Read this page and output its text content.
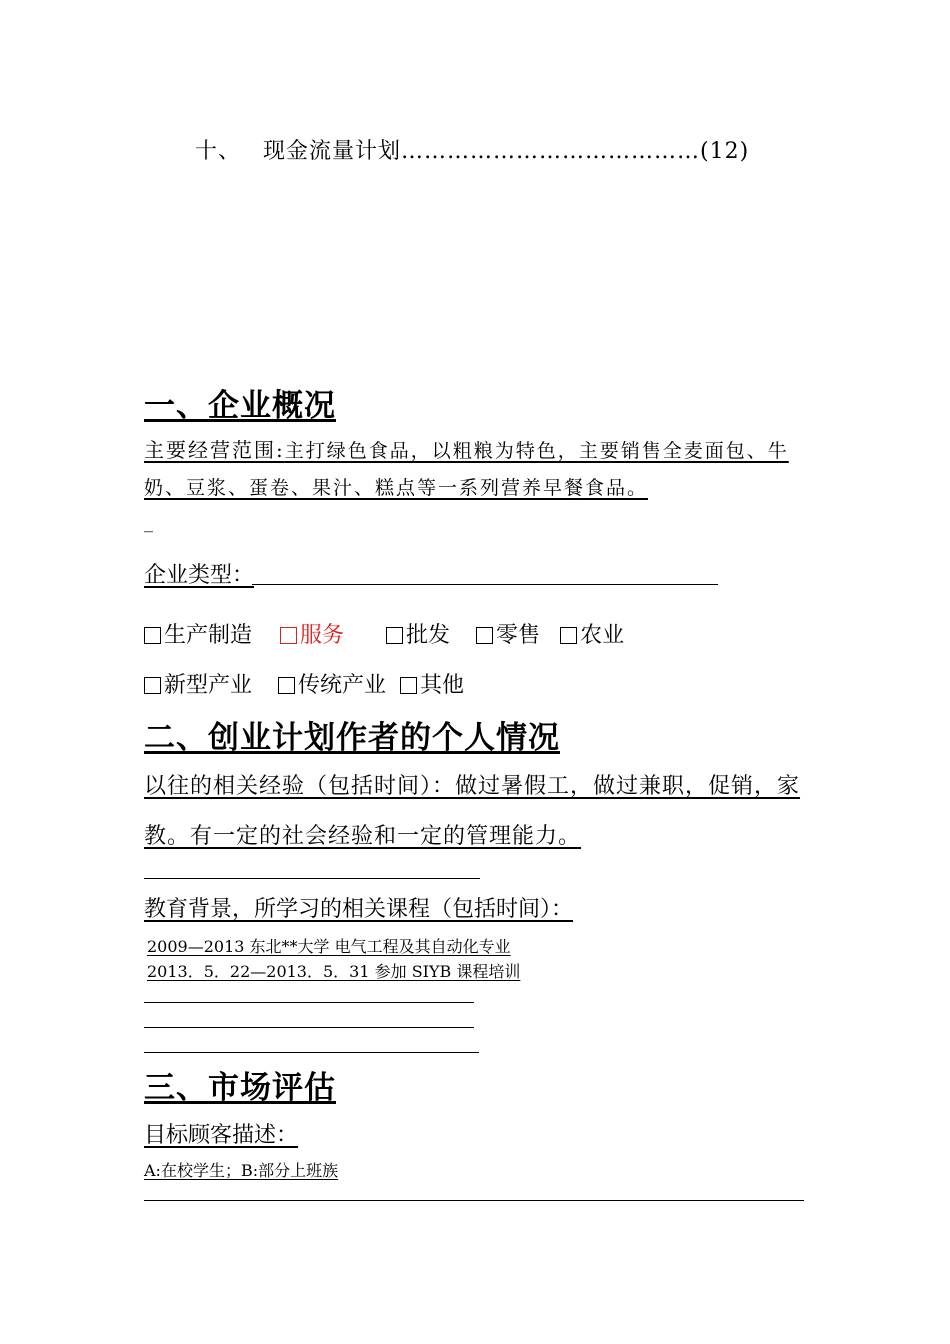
十、 现金流量计划…………………………………(12)
一、企业概况
主要经营范围:主打绿色食品，以粗粮为特色，主要销售全麦面包、牛奶、豆浆、蛋卷、果汁、糕点等一系列营养早餐食品。
_
企业类型：
生产制造 服务	批发 零售 农业
新型产业 传统产业 其他
二、创业计划作者的个人情况
以往的相关经验（包括时间）：做过暑假工，做过兼职，促销，家教。有一定的社会经验和一定的管理能力。
教育背景，所学习的相关课程（包括时间）：
2009—2013 东北**大学 电气工程及其自动化专业
2013．5．22—2013．5．31 参加 SIYB 课程培训
三、市场评估
目标顾客描述：
A:在校学生；B:部分上班族
